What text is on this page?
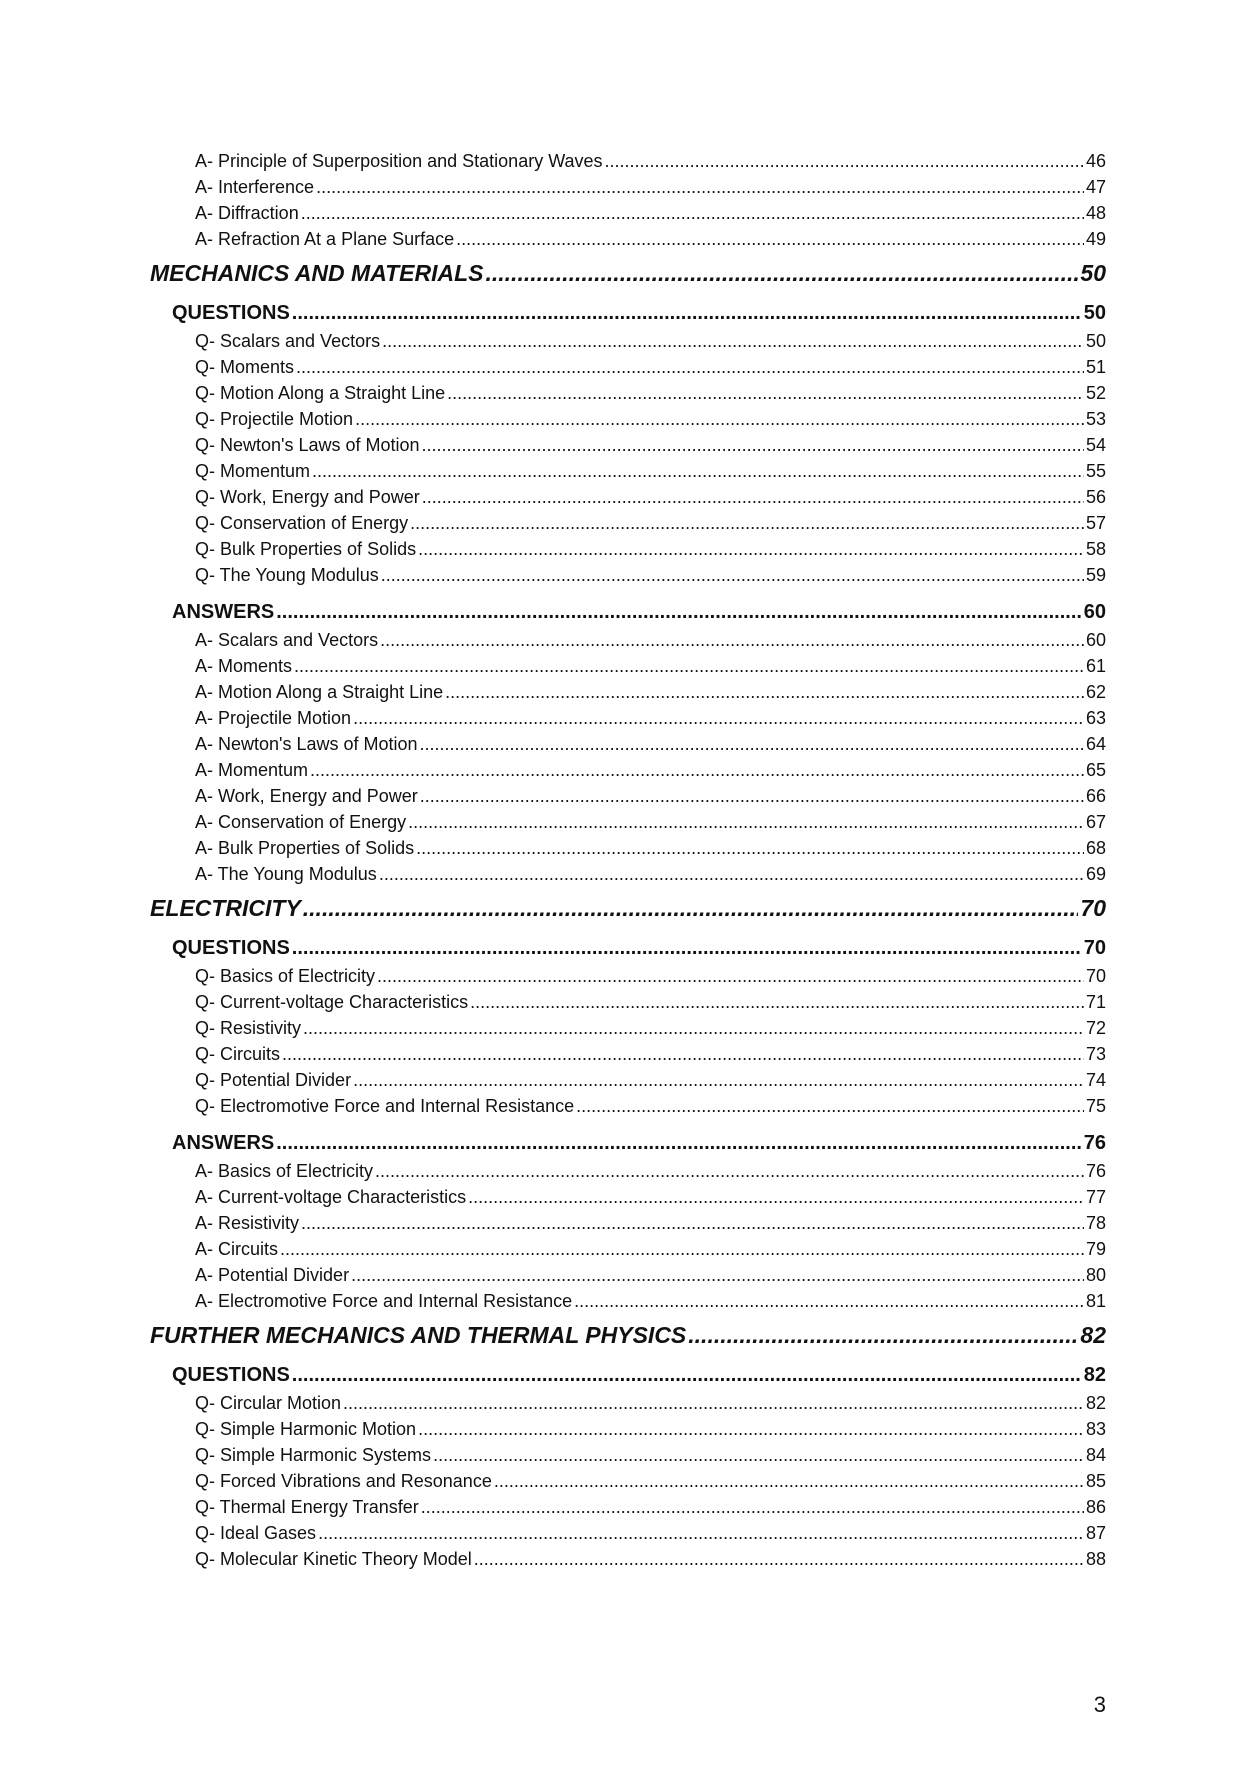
A- Principle of Superposition and Stationary Waves .....	46
A- Interference .....	47
A- Diffraction .....	48
A- Refraction At a Plane Surface .....	49
MECHANICS AND MATERIALS .....	50
QUESTIONS .....	50
Q- Scalars and Vectors .....	50
Q- Moments .....	51
Q- Motion Along a Straight Line .....	52
Q- Projectile Motion .....	53
Q- Newton's Laws of Motion .....	54
Q- Momentum .....	55
Q- Work, Energy and Power .....	56
Q- Conservation of Energy .....	57
Q- Bulk Properties of Solids .....	58
Q- The Young Modulus .....	59
ANSWERS .....	60
A- Scalars and Vectors .....	60
A- Moments .....	61
A- Motion Along a Straight Line .....	62
A- Projectile Motion .....	63
A- Newton's Laws of Motion .....	64
A- Momentum .....	65
A- Work, Energy and Power .....	66
A- Conservation of Energy .....	67
A- Bulk Properties of Solids .....	68
A- The Young Modulus .....	69
ELECTRICITY .....	70
QUESTIONS .....	70
Q- Basics of Electricity .....	70
Q- Current-voltage Characteristics .....	71
Q- Resistivity .....	72
Q- Circuits .....	73
Q- Potential Divider .....	74
Q- Electromotive Force and Internal Resistance .....	75
ANSWERS .....	76
A- Basics of Electricity .....	76
A- Current-voltage Characteristics .....	77
A- Resistivity .....	78
A- Circuits .....	79
A- Potential Divider .....	80
A- Electromotive Force and Internal Resistance .....	81
FURTHER MECHANICS AND THERMAL PHYSICS .....	82
QUESTIONS .....	82
Q- Circular Motion .....	82
Q- Simple Harmonic Motion .....	83
Q- Simple Harmonic Systems .....	84
Q- Forced Vibrations and Resonance .....	85
Q- Thermal Energy Transfer .....	86
Q- Ideal Gases .....	87
Q- Molecular Kinetic Theory Model .....	88
3
